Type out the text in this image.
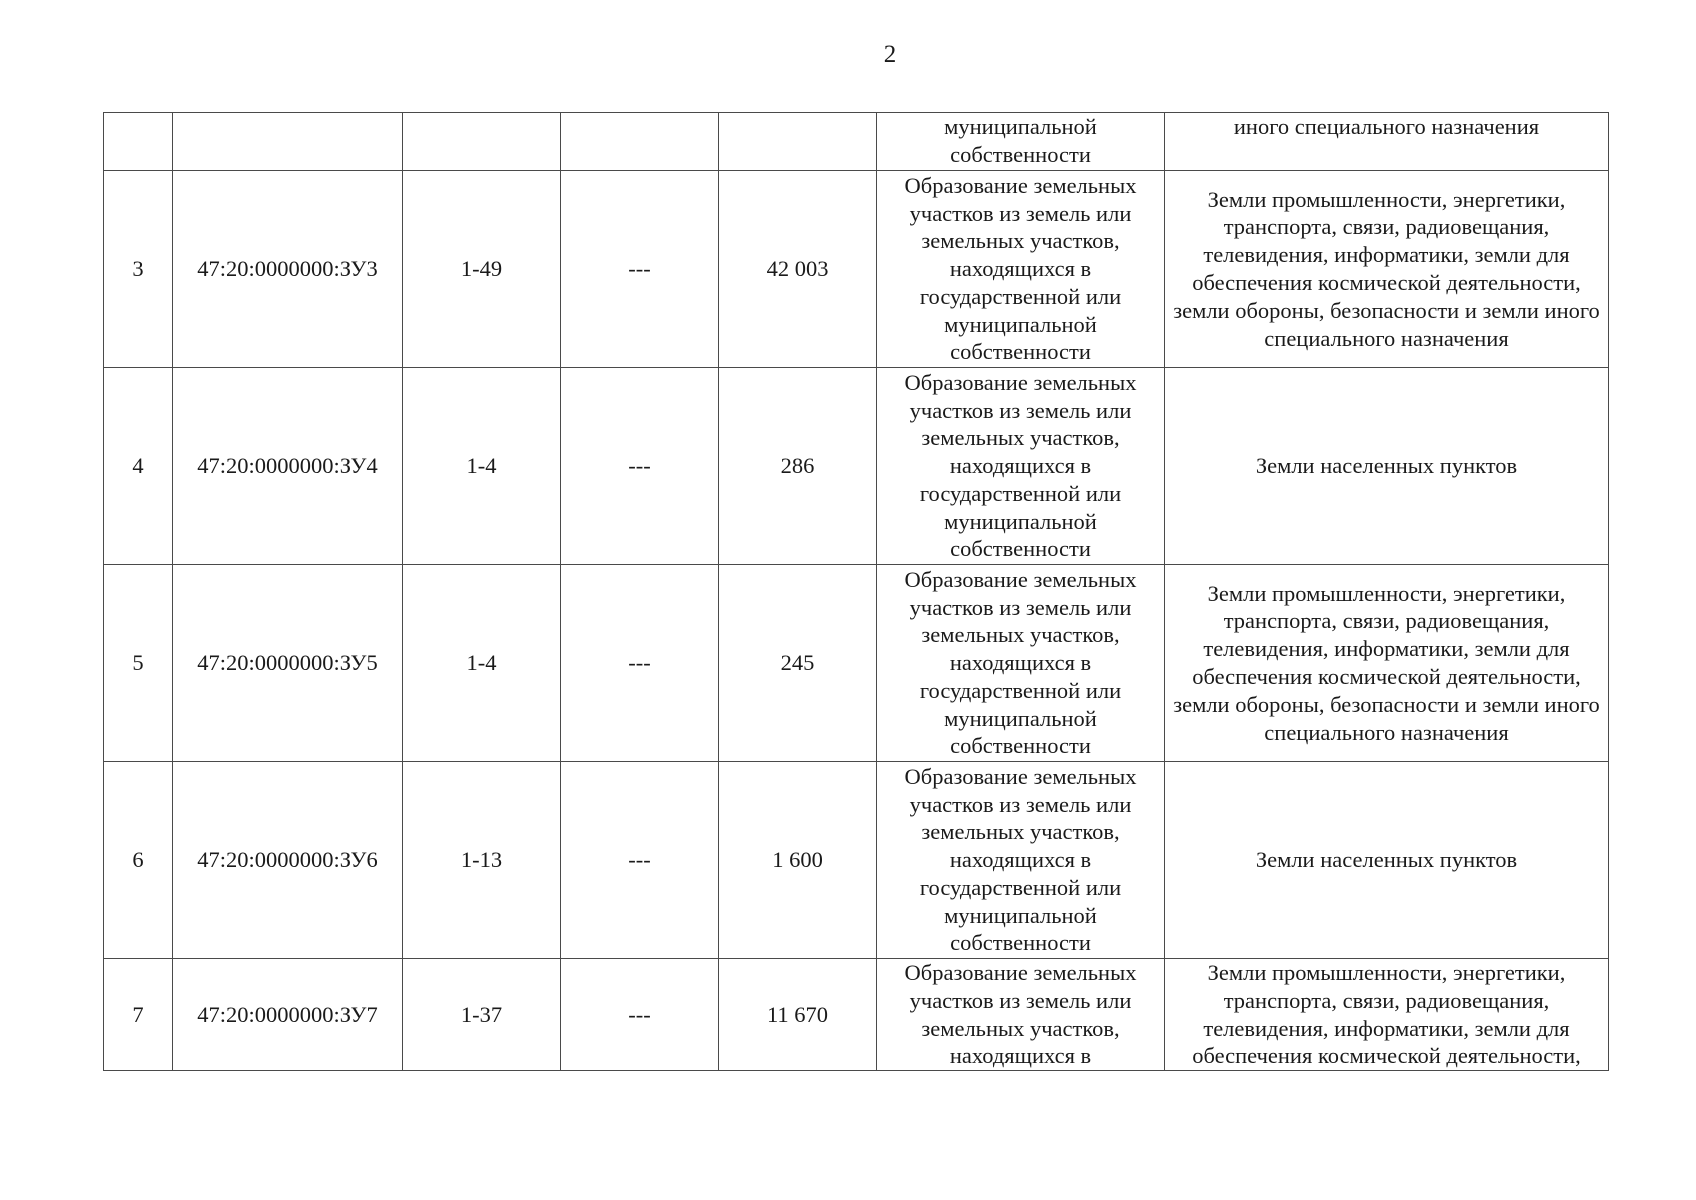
2
					муниципальной собственности	иного специального назначения
3	47:20:0000000:ЗУ3	1-49	---	42 003	Образование земельных участков из земель или земельных участков, находящихся в государственной или муниципальной собственности	Земли промышленности, энергетики, транспорта, связи, радиовещания, телевидения, информатики, земли для обеспечения космической деятельности, земли обороны, безопасности и земли иного специального назначения
4	47:20:0000000:ЗУ4	1-4	---	286	Образование земельных участков из земель или земельных участков, находящихся в государственной или муниципальной собственности	Земли населенных пунктов
5	47:20:0000000:ЗУ5	1-4	---	245	Образование земельных участков из земель или земельных участков, находящихся в государственной или муниципальной собственности	Земли промышленности, энергетики, транспорта, связи, радиовещания, телевидения, информатики, земли для обеспечения космической деятельности, земли обороны, безопасности и земли иного специального назначения
6	47:20:0000000:ЗУ6	1-13	---	1 600	Образование земельных участков из земель или земельных участков, находящихся в государственной или муниципальной собственности	Земли населенных пунктов
7	47:20:0000000:ЗУ7	1-37	---	11 670	Образование земельных участков из земель или земельных участков, находящихся в	Земли промышленности, энергетики, транспорта, связи, радиовещания, телевидения, информатики, земли для обеспечения космической деятельности,
